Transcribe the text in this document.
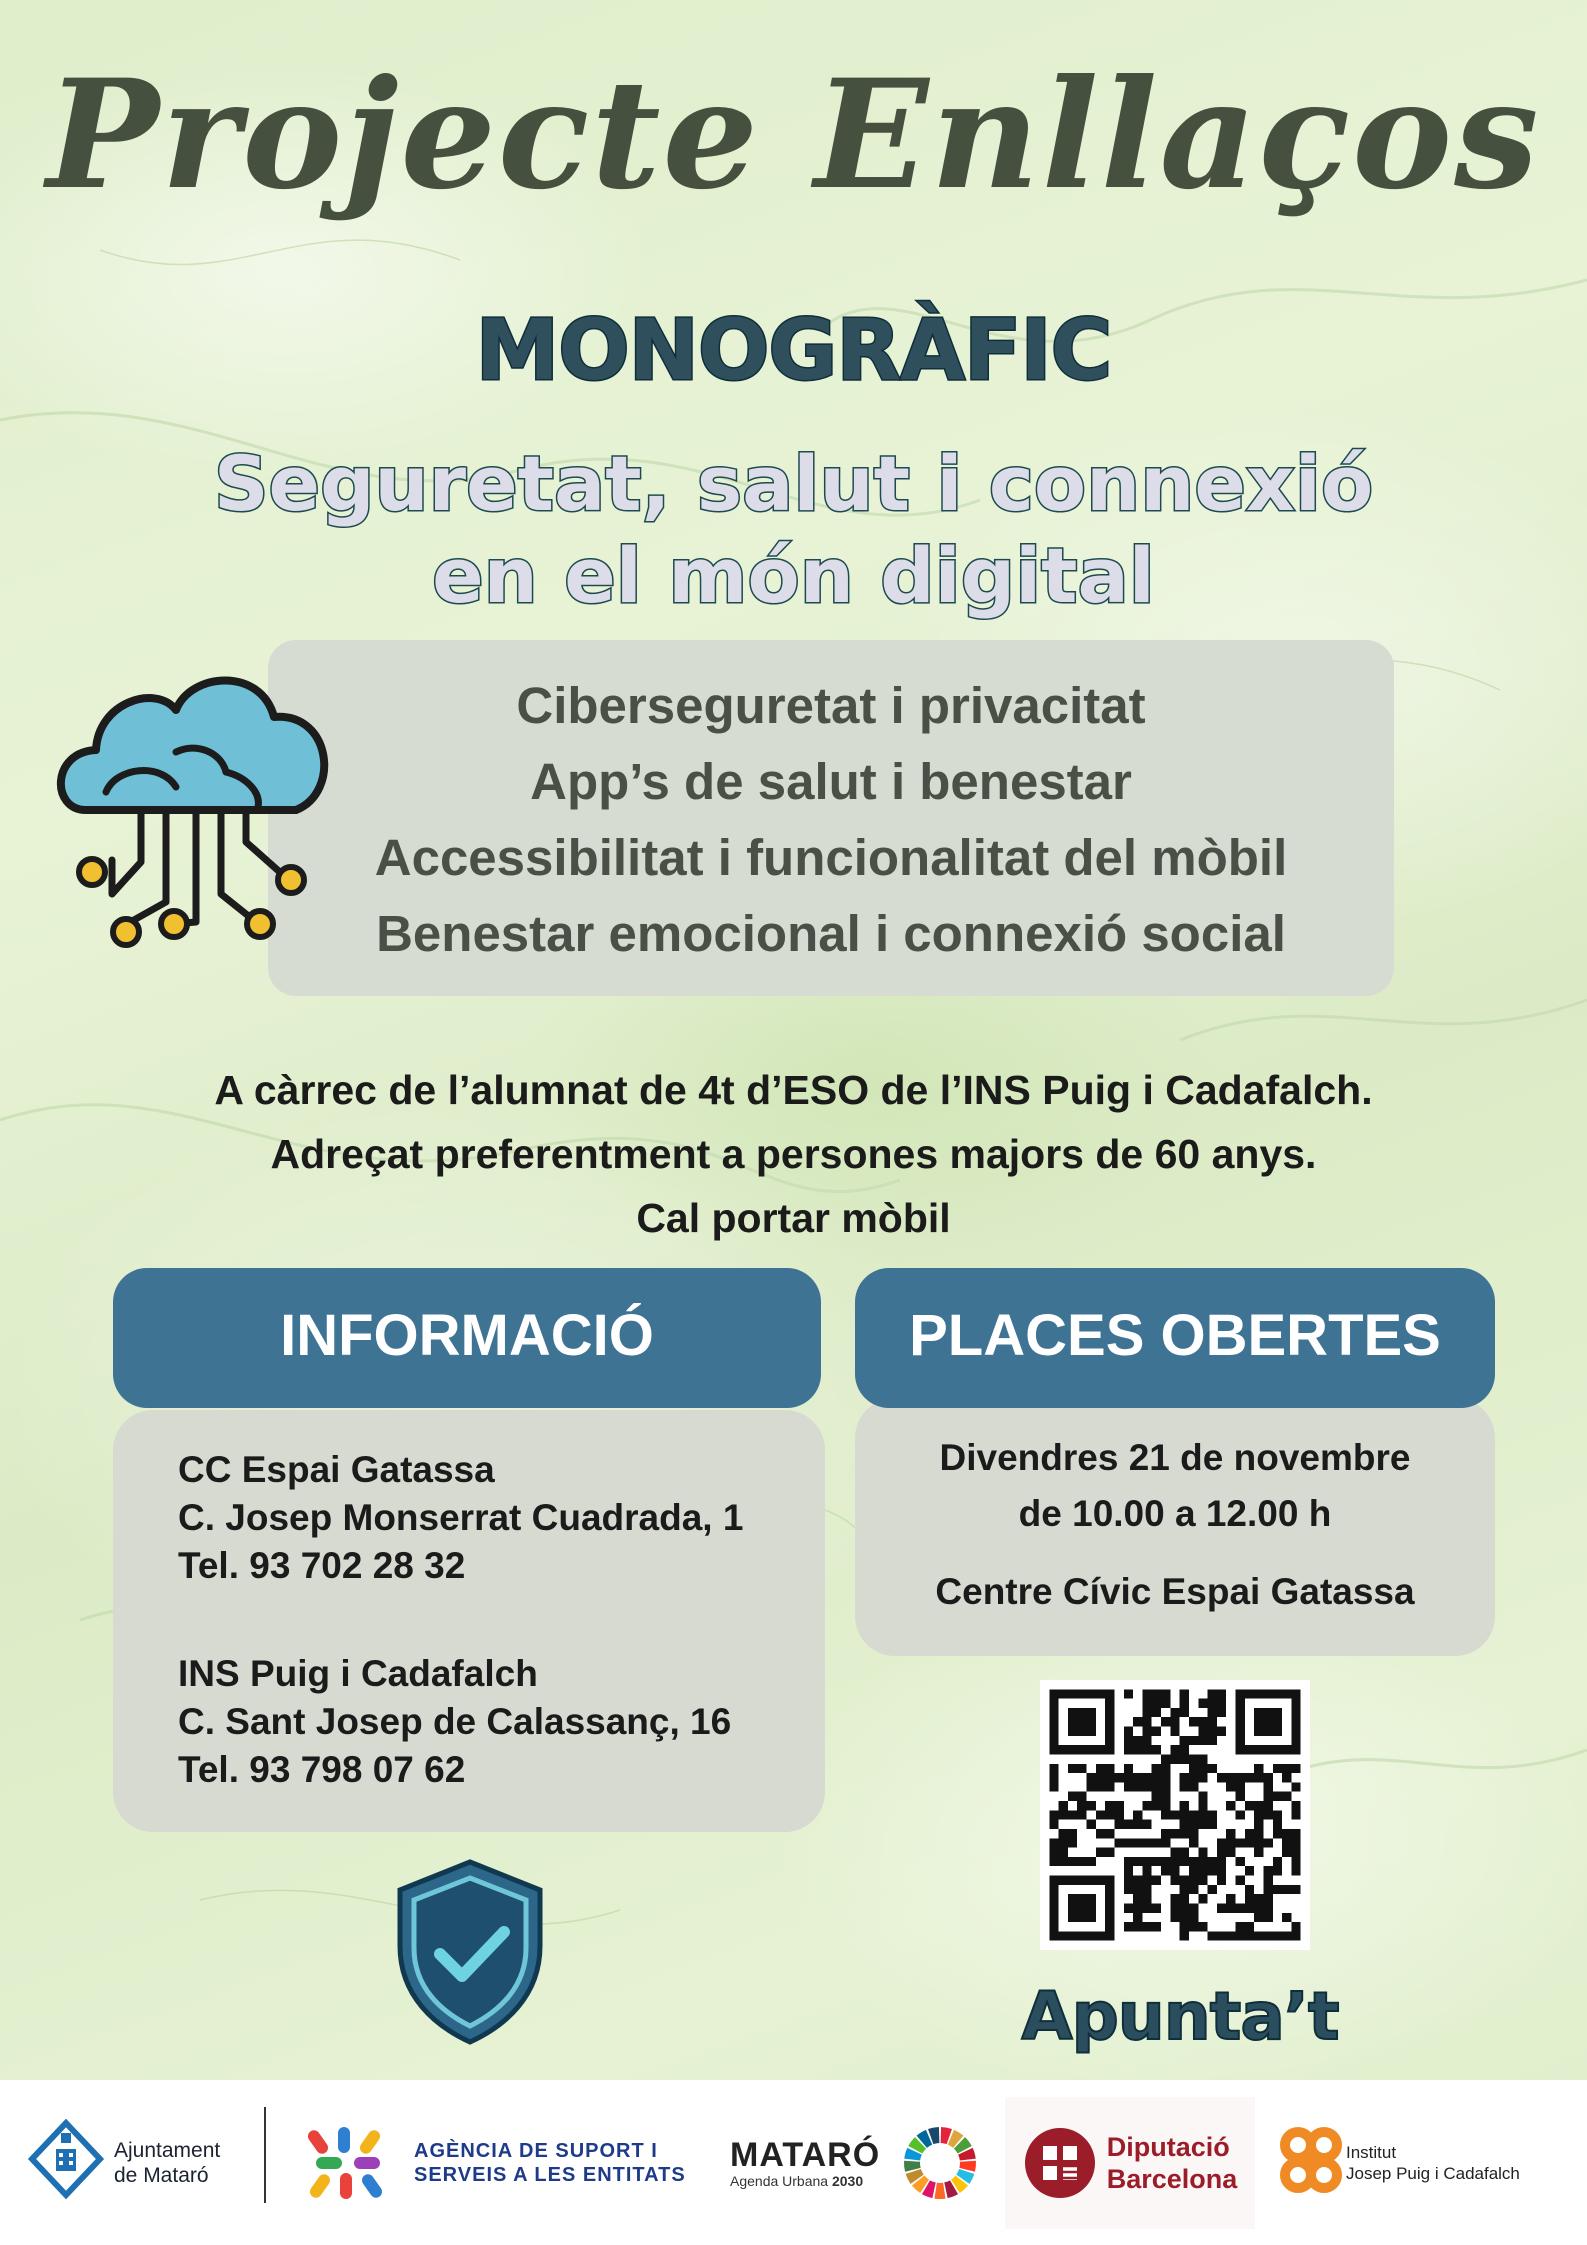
Projecte Enllaços
MONOGRÀFIC
Seguretat, salut i connexió
en el món digital
Ciberseguretat i privacitat
App’s de salut i benestar
Accessibilitat i funcionalitat del mòbil
Benestar emocional i connexió social
A càrrec de l’alumnat de 4t d’ESO de l’INS Puig i Cadafalch.
Adreçat preferentment a persones majors de 60 anys.
Cal portar mòbil
INFORMACIÓ
CC Espai Gatassa
C. Josep Monserrat Cuadrada, 1
Tel. 93 702 28 32
INS Puig i Cadafalch
C. Sant Josep de Calassanç, 16
Tel. 93 798 07 62
PLACES OBERTES
Divendres 21 de novembre
de 10.00 a 12.00 h
Centre Cívic Espai Gatassa
Apunta’t
Ajuntament
de Mataró
AGÈNCIA DE SUPORT I
SERVEIS A LES ENTITATS
MATARÓ
Agenda Urbana 2030
Diputació
Barcelona
Institut
Josep Puig i Cadafalch
